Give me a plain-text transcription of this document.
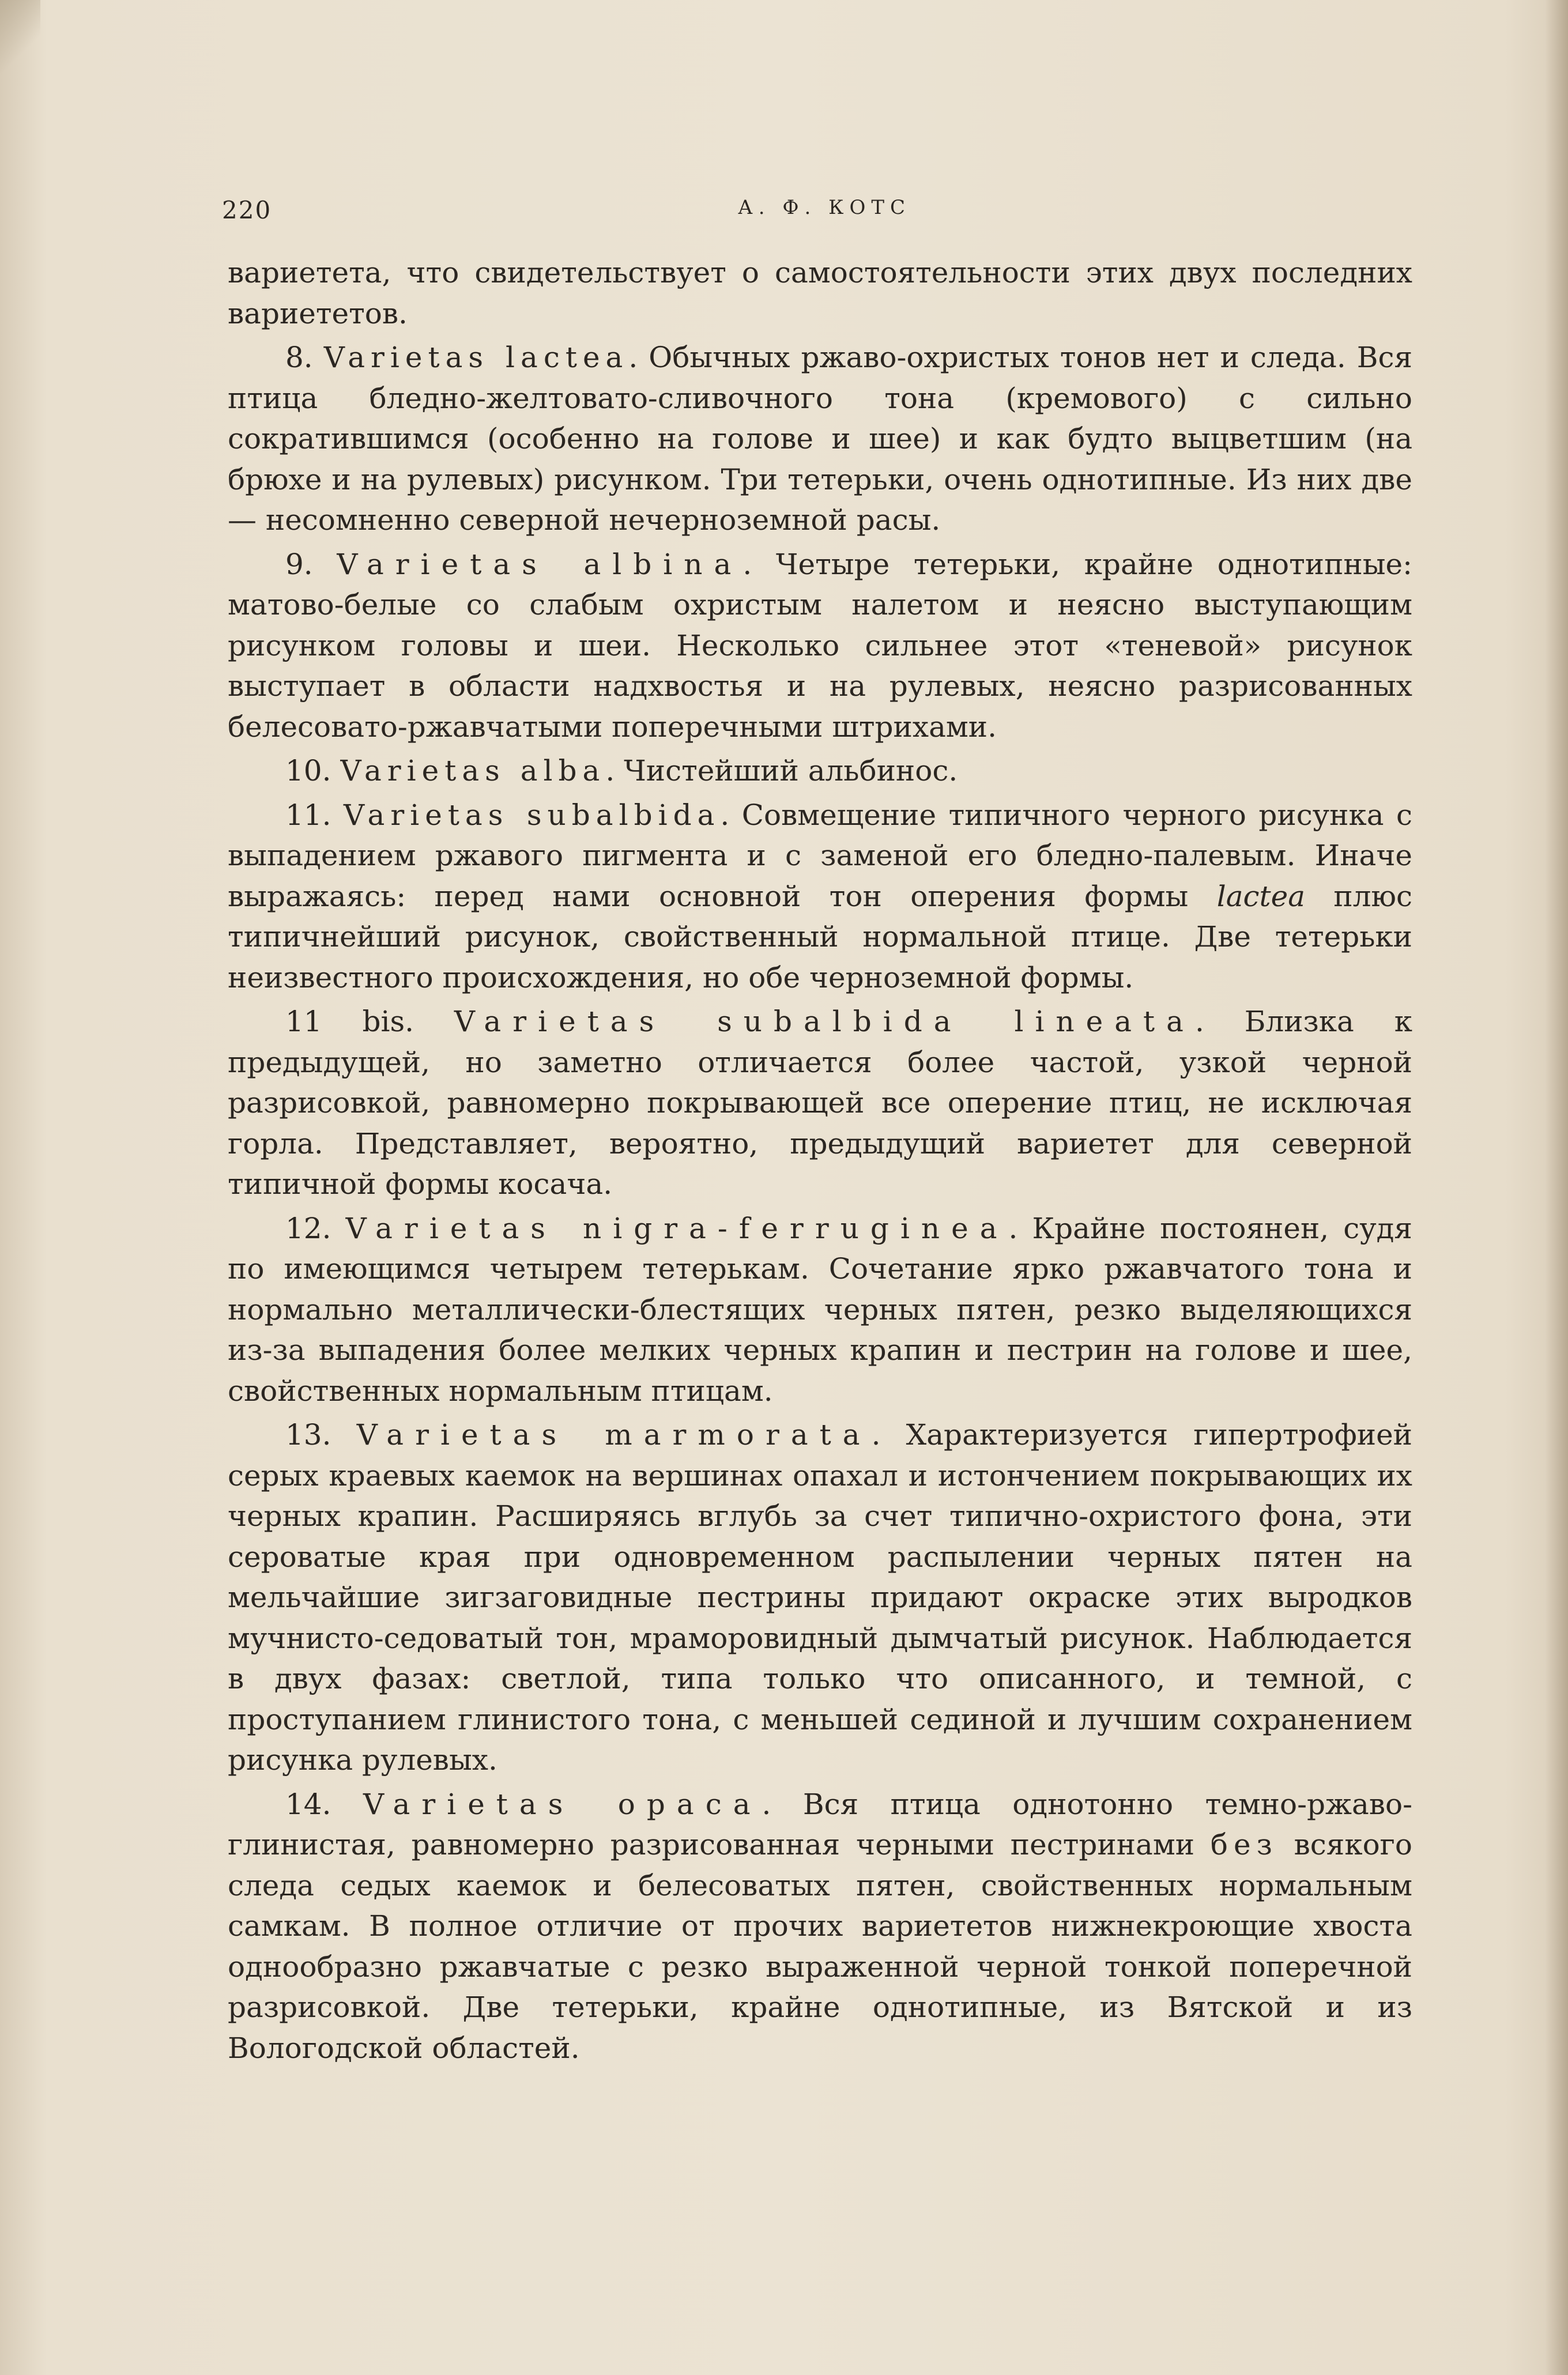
220	А. Ф. КОТС

вариетета, что свидетельствует о самостоятельности этих двух последних вариететов.

8. Varietas lactea. Обычных ржаво-охристых тонов нет и следа. Вся птица бледно-желтовато-сливочного тона (кремового) с сильно сократившимся (особенно на голове и шее) и как будто выцветшим (на брюхе и на рулевых) рисунком. Три тетерьки, очень однотипные. Из них две — несомненно северной нечерноземной расы.

9. Varietas albina. Четыре тетерьки, крайне однотипные: матово-белые со слабым охристым налетом и неясно выступающим рисунком головы и шеи. Несколько сильнее этот «теневой» рисунок выступает в области надхвостья и на рулевых, неясно разрисованных белесовато-ржавчатыми поперечными штрихами.

10. Varietas alba. Чистейший альбинос.

11. Varietas subalbida. Совмещение типичного черного рисунка с выпадением ржавого пигмента и с заменой его бледно-палевым. Иначе выражаясь: перед нами основной тон оперения формы lactea плюс типичнейший рисунок, свойственный нормальной птице. Две тетерьки неизвестного происхождения, но обе черноземной формы.

11 bis. Varietas subalbida lineata. Близка к предыдущей, но заметно отличается более частой, узкой черной разрисовкой, равномерно покрывающей все оперение птиц, не исключая горла. Представляет, вероятно, предыдущий вариетет для северной типичной формы косача.

12. Varietas nigra-ferruginea. Крайне постоянен, судя по имеющимся четырем тетерькам. Сочетание ярко ржавчатого тона и нормально металлически-блестящих черных пятен, резко выделяющихся из-за выпадения более мелких черных крапин и пестрин на голове и шее, свойственных нормальным птицам.

13. Varietas marmorata. Характеризуется гипертрофией серых краевых каемок на вершинах опахал и истончением покрывающих их черных крапин. Расширяясь вглубь за счет типично-охристого фона, эти сероватые края при одновременном распылении черных пятен на мельчайшие зигзаговидные пестрины придают окраске этих выродков мучнисто-седоватый тон, мраморовидный дымчатый рисунок. Наблюдается в двух фазах: светлой, типа только что описанного, и темной, с проступанием глинистого тона, с меньшей сединой и лучшим сохранением рисунка рулевых.

14. Varietas opaca. Вся птица однотонно темно-ржаво-глинистая, равномерно разрисованная черными пестринами без всякого следа седых каемок и белесоватых пятен, свойственных нормальным самкам. В полное отличие от прочих вариететов нижнекроющие хвоста однообразно ржавчатые с резко выраженной черной тонкой поперечной разрисовкой. Две тетерьки, крайне однотипные, из Вятской и из Вологодской областей.
